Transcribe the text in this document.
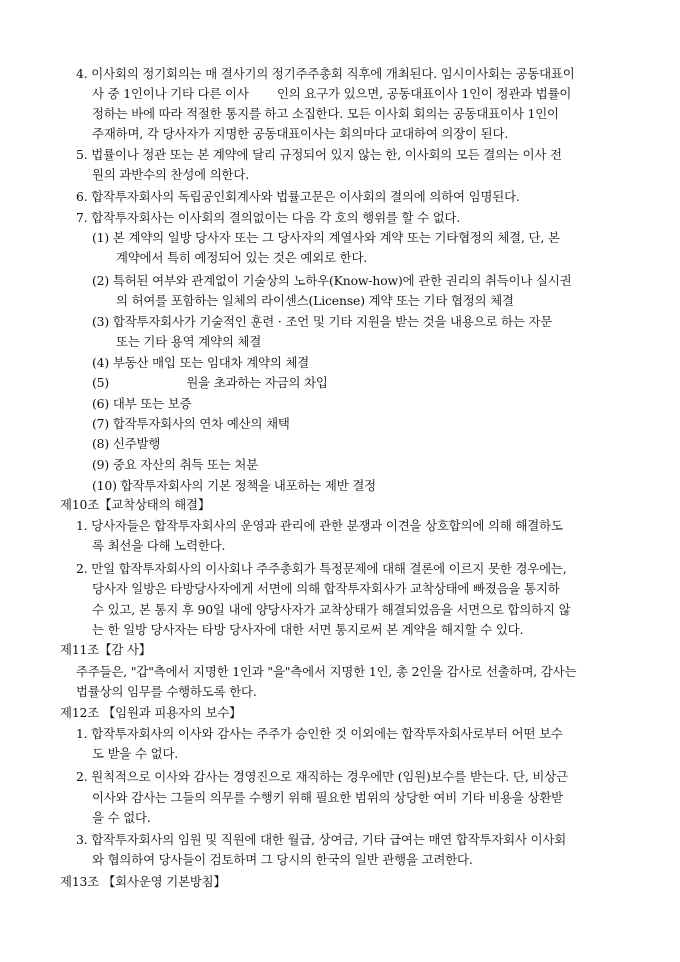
4. 이사회의 정기회의는 매 결사기의 정기주주총회 직후에 개최된다. 임시이사회는 공동대표이
사 중 1인이나 기타 다른 이사 　　인의 요구가 있으면, 공동대표이사 1인이 정관과 법률이
정하는 바에 따라 적절한 통지를 하고 소집한다. 모든 이사회 회의는 공동대표이사 1인이
주재하며, 각 당사자가 지명한 공동대표이사는 회의마다 교대하여 의장이 된다.
5. 법률이나 정관 또는 본 계약에 달리 규정되어 있지 않는 한, 이사회의 모든 결의는 이사 전
원의 과반수의 찬성에 의한다.
6. 합작투자회사의 독립공인회계사와 법률고문은 이사회의 결의에 의하여 임명된다.
7. 합작투자회사는 이사회의 결의없이는 다음 각 호의 행위를 할 수 없다.
(1) 본 계약의 일방 당사자 또는 그 당사자의 계열사와 계약 또는 기타협정의 체결, 단, 본
계약에서 특히 예정되어 있는 것은 예외로 한다.
(2) 특허된 여부와 관계없이 기술상의 노하우(Know-how)에 관한 권리의 취득이나 실시권
의 허여를 포함하는 일체의 라이센스(License) 계약 또는 기타 협정의 체결
(3) 합작투자회사가 기술적인 훈련 · 조언 및 기타 지원을 받는 것을 내용으로 하는 자문
또는 기타 용역 계약의 체결
(4) 부동산 매입 또는 임대차 계약의 체결
(5) 　　　　　　원을 초과하는 자금의 차입
(6) 대부 또는 보증
(7) 합작투자회사의 연차 예산의 채택
(8) 신주발행
(9) 중요 자산의 취득 또는 처분
(10) 합작투자회사의 기본 정책을 내포하는 제반 결정
제10조【교착상태의 해결】
1. 당사자들은 합작투자회사의 운영과 관리에 관한 분쟁과 이견을 상호합의에 의해 해결하도
록 최선을 다해 노력한다.
2. 만일 합작투자회사의 이사회나 주주총회가 특정문제에 대해 결론에 이르지 못한 경우에는,
당사자 일방은 타방당사자에게 서면에 의해 합작투자회사가 교착상태에 빠졌음을 통지하
수 있고, 본 통지 후 90일 내에 양당사자가 교착상태가 해결되었음을 서면으로 합의하지 않
는 한 일방 당사자는 타방 당사자에 대한 서면 통지로써 본 계약을 해지할 수 있다.
제11조【감 사】
주주들은, "갑"측에서 지명한 1인과 "을"측에서 지명한 1인, 총 2인을 감사로 선출하며, 감사는
법률상의 임무를 수행하도록 한다.
제12조 【임원과 피용자의 보수】
1. 합작투자회사의 이사와 감사는 주주가 승인한 것 이외에는 합작투자회사로부터 어떤 보수
도 받을 수 없다.
2. 원칙적으로 이사와 감사는 경영진으로 재직하는 경우에만 (임원)보수를 받는다. 단, 비상근
이사와 감사는 그들의 의무를 수행키 위해 필요한 범위의 상당한 여비 기타 비용을 상환받
을 수 없다.
3. 합작투자회사의 임원 및 직원에 대한 월급, 상여금, 기타 급여는 매연 합작투자회사 이사회
와 협의하여 당사들이 검토하며 그 당시의 한국의 일반 관행을 고려한다.
제13조 【회사운영 기본방침】
